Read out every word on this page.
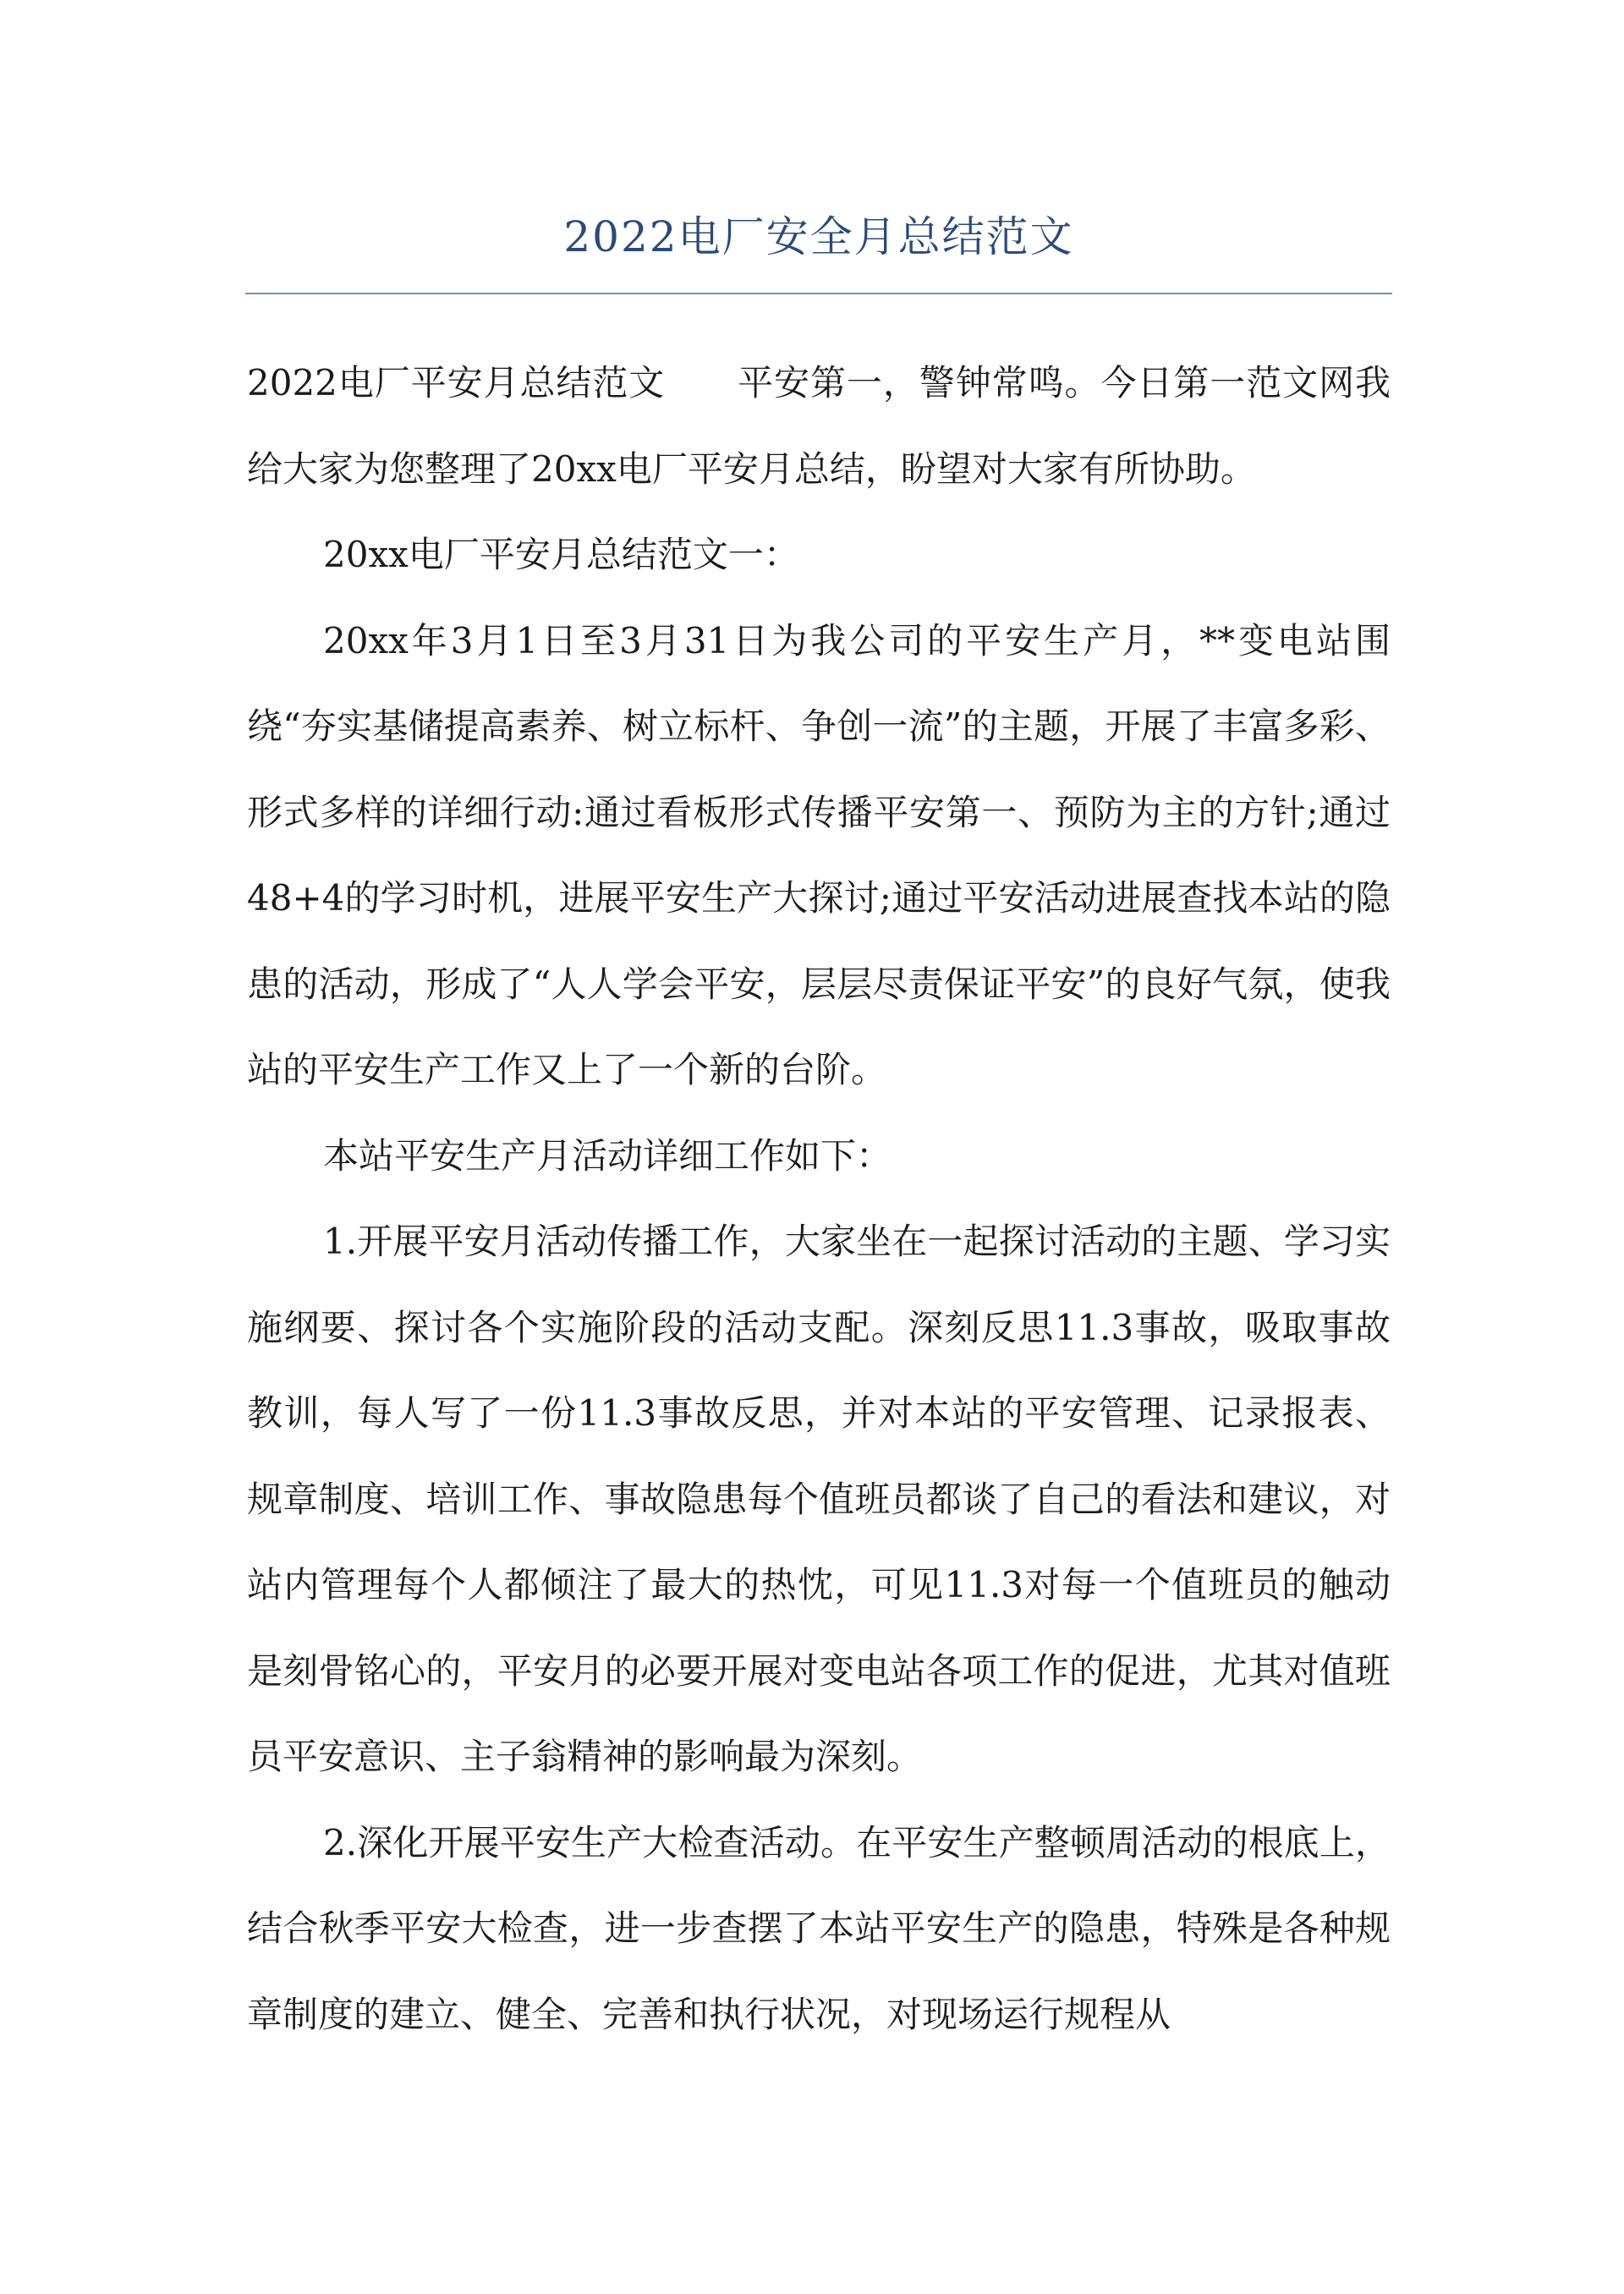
2022电厂安全月总结范文

2022电厂平安月总结范文　　平安第一，警钟常鸣。今日第一范文网我给大家为您整理了20xx电厂平安月总结，盼望对大家有所协助。

20xx电厂平安月总结范文一：

20xx年3月1日至3月31日为我公司的平安生产月，**变电站围绕“夯实基储提高素养、树立标杆、争创一流”的主题，开展了丰富多彩、形式多样的详细行动:通过看板形式传播平安第一、预防为主的方针;通过48+4的学习时机，进展平安生产大探讨;通过平安活动进展查找本站的隐患的活动，形成了“人人学会平安，层层尽责保证平安”的良好气氛，使我站的平安生产工作又上了一个新的台阶。

本站平安生产月活动详细工作如下：

1.开展平安月活动传播工作，大家坐在一起探讨活动的主题、学习实施纲要、探讨各个实施阶段的活动支配。深刻反思11.3事故，吸取事故教训，每人写了一份11.3事故反思，并对本站的平安管理、记录报表、规章制度、培训工作、事故隐患每个值班员都谈了自己的看法和建议，对站内管理每个人都倾注了最大的热忱，可见11.3对每一个值班员的触动是刻骨铭心的，平安月的必要开展对变电站各项工作的促进，尤其对值班员平安意识、主子翁精神的影响最为深刻。

2.深化开展平安生产大检查活动。在平安生产整顿周活动的根底上，结合秋季平安大检查，进一步查摆了本站平安生产的隐患，特殊是各种规章制度的建立、健全、完善和执行状况，对现场运行规程从
